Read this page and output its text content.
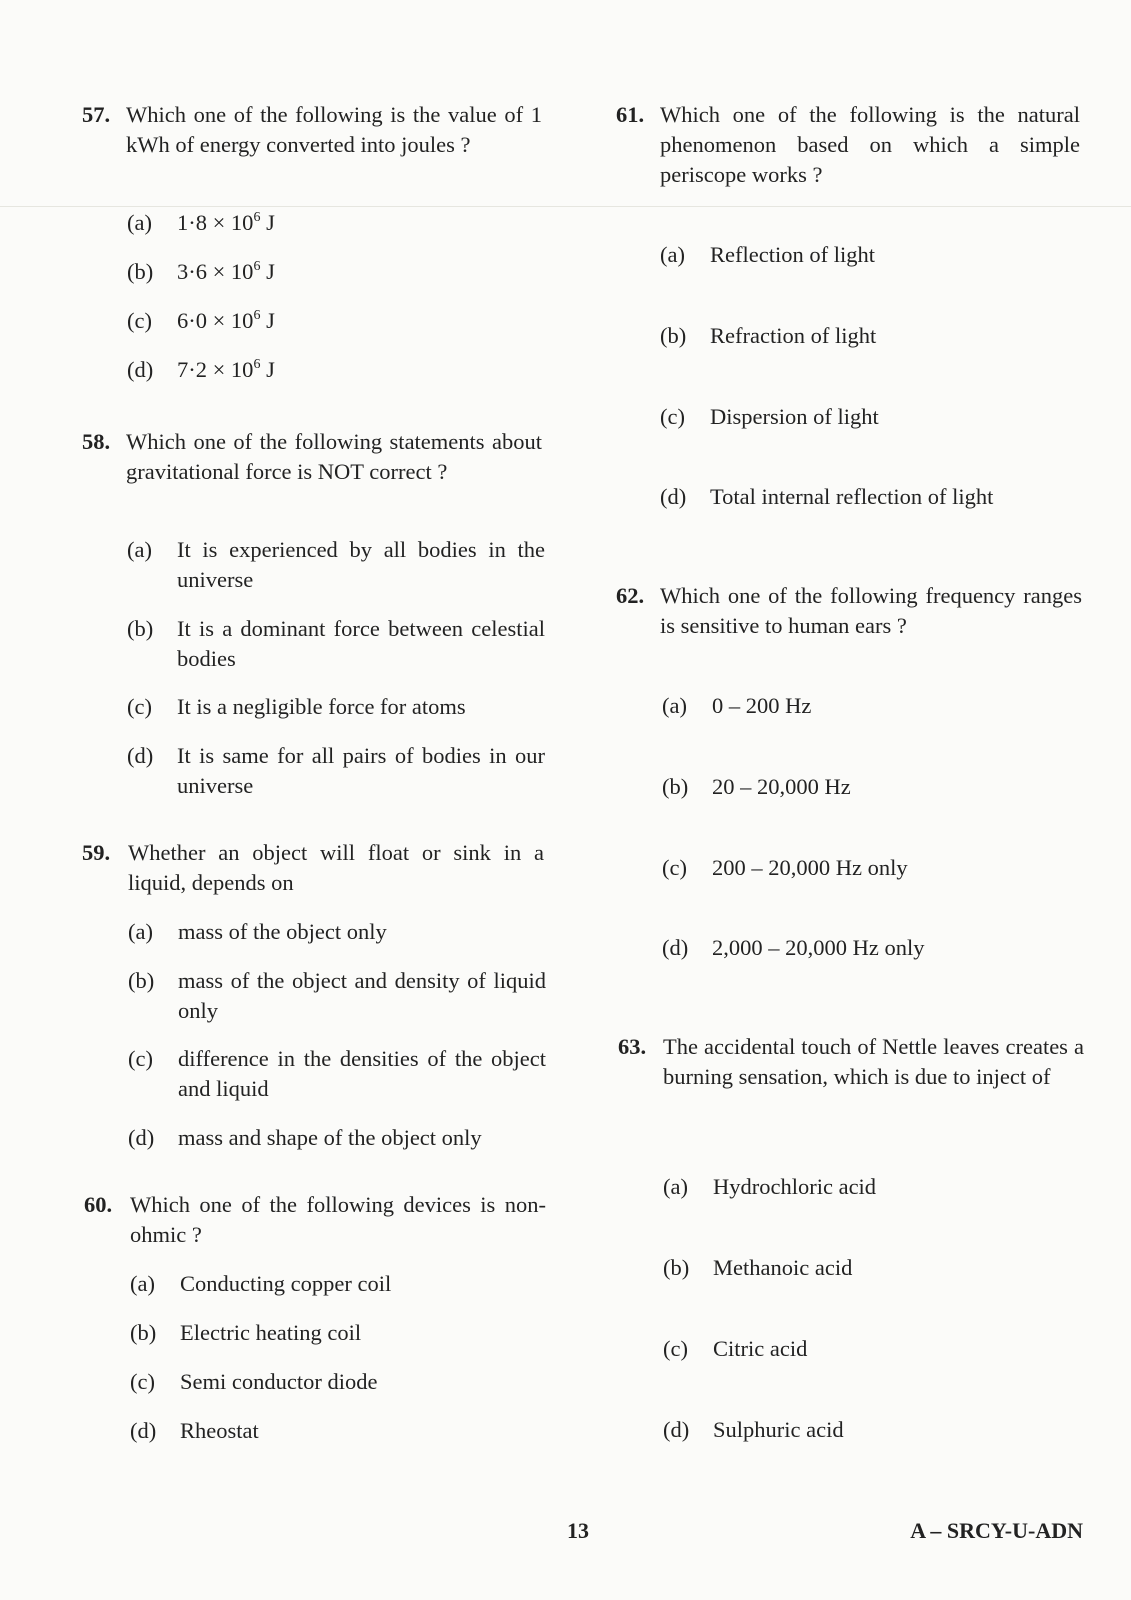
57. Which one of the following is the value of 1 kWh of energy converted into joules ?
(a) $1\cdot 8 \times 10^6$ J
(b) $3\cdot 6 \times 10^6$ J
(c) $6\cdot 0 \times 10^6$ J
(d) $7\cdot 2 \times 10^6$ J
58. Which one of the following statements about gravitational force is NOT correct ?
(a) It is experienced by all bodies in the universe
(b) It is a dominant force between celestial bodies
(c) It is a negligible force for atoms
(d) It is same for all pairs of bodies in our universe
59. Whether an object will float or sink in a liquid, depends on
(a) mass of the object only
(b) mass of the object and density of liquid only
(c) difference in the densities of the object and liquid
(d) mass and shape of the object only
60. Which one of the following devices is non-ohmic ?
(a) Conducting copper coil
(b) Electric heating coil
(c) Semi conductor diode
(d) Rheostat
61. Which one of the following is the natural phenomenon based on which a simple periscope works ?
(a) Reflection of light
(b) Refraction of light
(c) Dispersion of light
(d) Total internal reflection of light
62. Which one of the following frequency ranges is sensitive to human ears ?
(a) 0 – 200 Hz
(b) 20 – 20,000 Hz
(c) 200 – 20,000 Hz only
(d) 2,000 – 20,000 Hz only
63. The accidental touch of Nettle leaves creates a burning sensation, which is due to inject of
(a) Hydrochloric acid
(b) Methanoic acid
(c) Citric acid
(d) Sulphuric acid
13	A – SRCY-U-ADN
